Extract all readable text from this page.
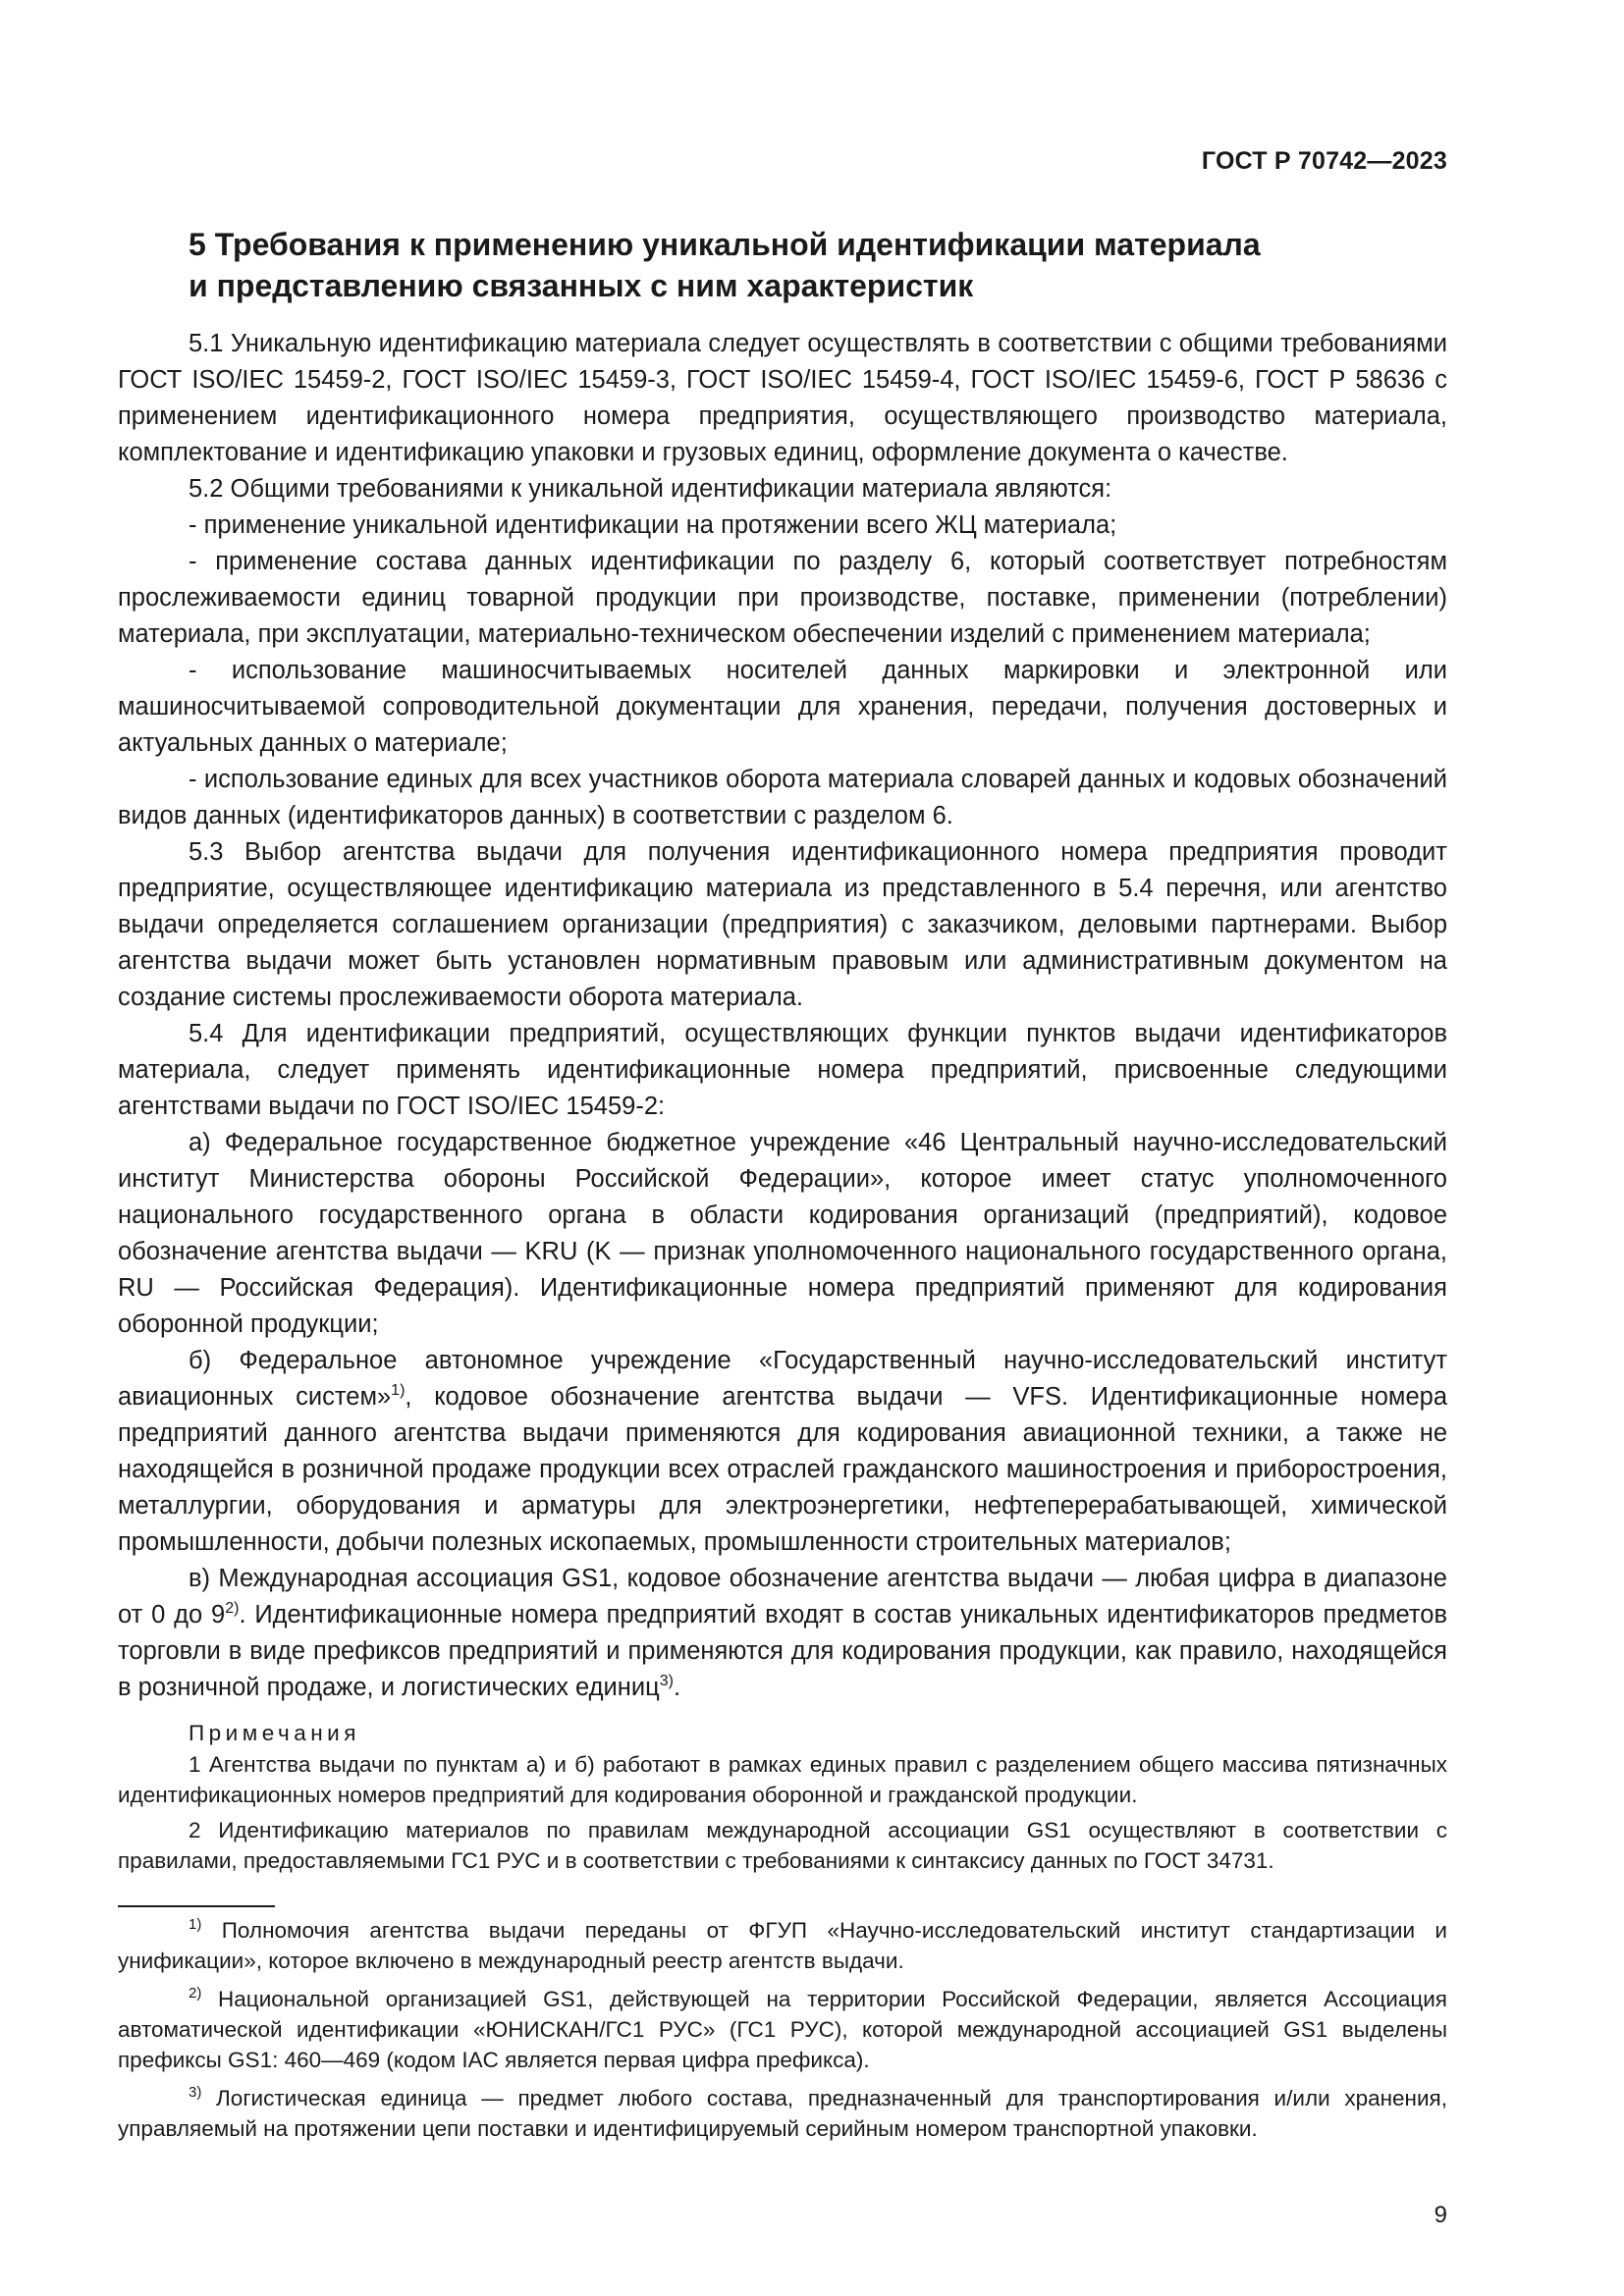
ГОСТ Р 70742—2023
5 Требования к применению уникальной идентификации материала
и представлению связанных с ним характеристик

5.1 Уникальную идентификацию материала следует осуществлять в соответствии с общими требованиями ГОСТ ISO/IEC 15459-2, ГОСТ ISO/IEC 15459-3, ГОСТ ISO/IEC 15459-4, ГОСТ ISO/IEC 15459-6, ГОСТ Р 58636 с применением идентификационного номера предприятия, осуществляющего производство материала, комплектование и идентификацию упаковки и грузовых единиц, оформление документа о качестве.

5.2 Общими требованиями к уникальной идентификации материала являются:

- применение уникальной идентификации на протяжении всего ЖЦ материала;

- применение состава данных идентификации по разделу 6, который соответствует потребностям прослеживаемости единиц товарной продукции при производстве, поставке, применении (потреблении) материала, при эксплуатации, материально-техническом обеспечении изделий с применением материала;

- использование машиносчитываемых носителей данных маркировки и электронной или машиносчитываемой сопроводительной документации для хранения, передачи, получения достоверных и актуальных данных о материале;

- использование единых для всех участников оборота материала словарей данных и кодовых обозначений видов данных (идентификаторов данных) в соответствии с разделом 6.

5.3 Выбор агентства выдачи для получения идентификационного номера предприятия проводит предприятие, осуществляющее идентификацию материала из представленного в 5.4 перечня, или агентство выдачи определяется соглашением организации (предприятия) с заказчиком, деловыми партнерами. Выбор агентства выдачи может быть установлен нормативным правовым или административным документом на создание системы прослеживаемости оборота материала.

5.4 Для идентификации предприятий, осуществляющих функции пунктов выдачи идентификаторов материала, следует применять идентификационные номера предприятий, присвоенные следующими агентствами выдачи по ГОСТ ISO/IEC 15459-2:

а) Федеральное государственное бюджетное учреждение «46 Центральный научно-исследовательский институт Министерства обороны Российской Федерации», которое имеет статус уполномоченного национального государственного органа в области кодирования организаций (предприятий), кодовое обозначение агентства выдачи — KRU (K — признак уполномоченного национального государственного органа, RU — Российская Федерация). Идентификационные номера предприятий применяют для кодирования оборонной продукции;

б) Федеральное автономное учреждение «Государственный научно-исследовательский институт авиационных систем»$^{1)}$, кодовое обозначение агентства выдачи — VFS. Идентификационные номера предприятий данного агентства выдачи применяются для кодирования авиационной техники, а также не находящейся в розничной продаже продукции всех отраслей гражданского машиностроения и приборостроения, металлургии, оборудования и арматуры для электроэнергетики, нефтеперерабатывающей, химической промышленности, добычи полезных ископаемых, промышленности строительных материалов;

в) Международная ассоциация GS1, кодовое обозначение агентства выдачи — любая цифра в диапазоне от 0 до 9$^{2)}$. Идентификационные номера предприятий входят в состав уникальных идентификаторов предметов торговли в виде префиксов предприятий и применяются для кодирования продукции, как правило, находящейся в розничной продаже, и логистических единиц$^{3)}$.

Примечания

1 Агентства выдачи по пунктам а) и б) работают в рамках единых правил с разделением общего массива пятизначных идентификационных номеров предприятий для кодирования оборонной и гражданской продукции.

2 Идентификацию материалов по правилам международной ассоциации GS1 осуществляют в соответствии с правилами, предоставляемыми ГС1 РУС и в соответствии с требованиями к синтаксису данных по ГОСТ 34731.

$^{1)}$ Полномочия агентства выдачи переданы от ФГУП «Научно-исследовательский институт стандартизации и унификации», которое включено в международный реестр агентств выдачи.

$^{2)}$ Национальной организацией GS1, действующей на территории Российской Федерации, является Ассоциация автоматической идентификации «ЮНИСКАН/ГС1 РУС» (ГС1 РУС), которой международной ассоциацией GS1 выделены префиксы GS1: 460—469 (кодом IAC является первая цифра префикса).

$^{3)}$ Логистическая единица — предмет любого состава, предназначенный для транспортирования и/или хранения, управляемый на протяжении цепи поставки и идентифицируемый серийным номером транспортной упаковки.

9
